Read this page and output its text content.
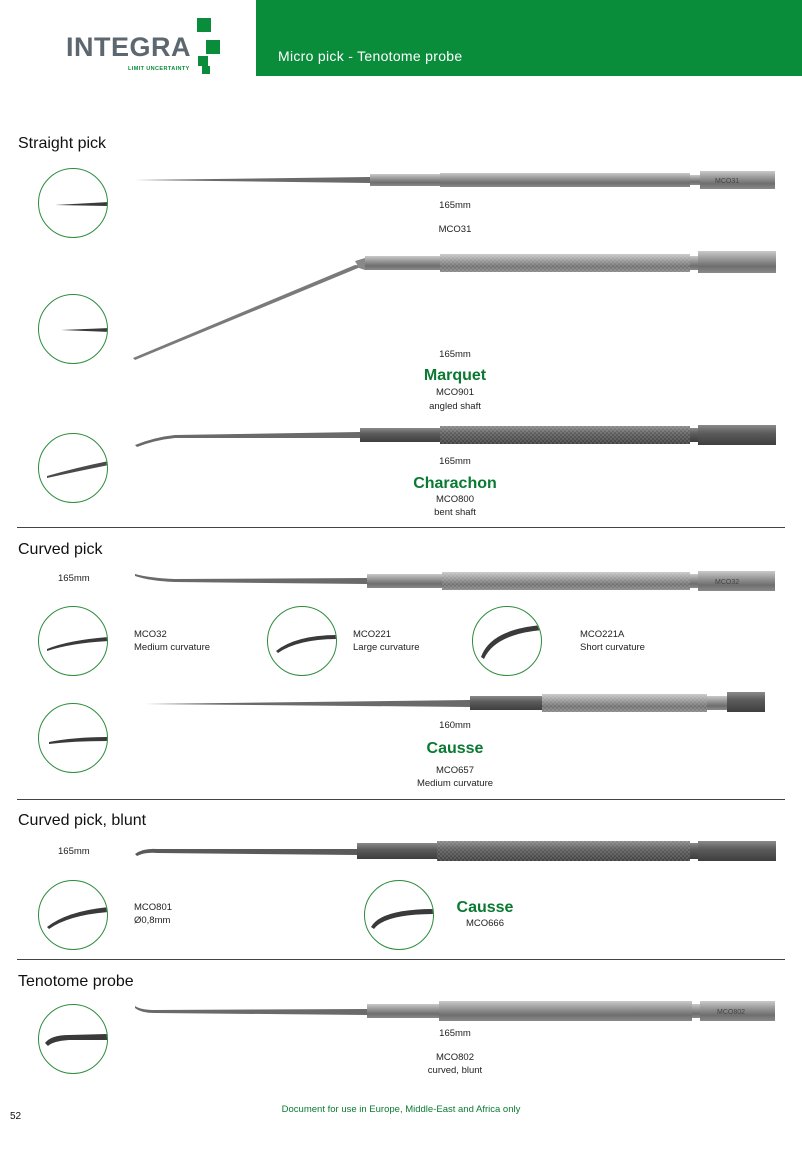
INTEGRA
LIMIT UNCERTAINTY
Micro pick - Tenotome probe
Straight pick
MCO31
165mm
MCO31
165mm
Marquet
MCO901
angled shaft
165mm
Charachon
MCO800
bent shaft
Curved pick
165mm	MCO32
MCO32
Medium curvature
MCO221
Large curvature
MCO221A
Short curvature
160mm
Causse
MCO657
Medium curvature
Curved pick, blunt
165mm
MCO801
Ø0,8mm
Causse
MCO666
Tenotome probe
MCO802
165mm
MCO802
curved, blunt
Document for use in Europe, Middle-East and Africa only
52
